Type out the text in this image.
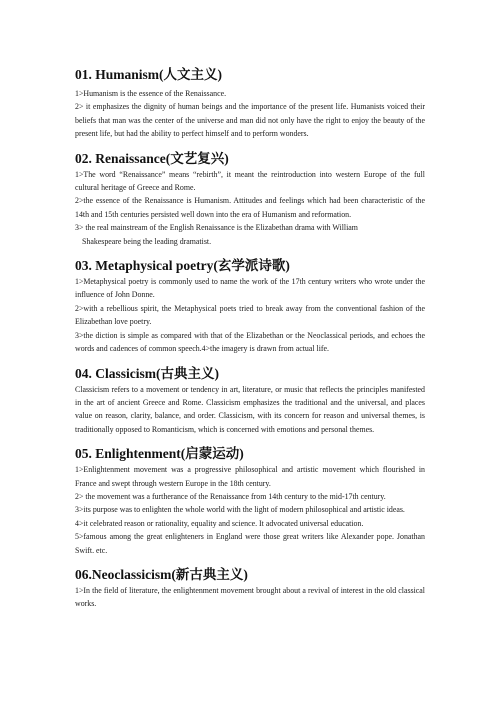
01. Humanism(人文主义)

1>Humanism is the essence of the Renaissance.

2> it emphasizes the dignity of human beings and the importance of the present life. Humanists voiced their beliefs that man was the center of the universe and man did not only have the right to enjoy the beauty of the present life, but had the ability to perfect himself and to perform wonders.

02. Renaissance(文艺复兴)

1>The word “Renaissance” means “rebirth”, it meant the reintroduction into western Europe of the full cultural heritage of Greece and Rome.

2>the essence of the Renaissance is Humanism. Attitudes and feelings which had been characteristic of the 14th and 15th centuries persisted well down into the era of Humanism and reformation.

3> the real mainstream of the English Renaissance is the Elizabethan drama with William

Shakespeare being the leading dramatist.

03. Metaphysical poetry(玄学派诗歌)

1>Metaphysical poetry is commonly used to name the work of the 17th century writers who wrote under the influence of John Donne.

2>with a rebellious spirit, the Metaphysical poets tried to break away from the conventional fashion of the Elizabethan love poetry.

3>the diction is simple as compared with that of the Elizabethan or the Neoclassical periods, and echoes the words and cadences of common speech.4>the imagery is drawn from actual life.

04. Classicism(古典主义)

Classicism refers to a movement or tendency in art, literature, or music that reflects the principles manifested in the art of ancient Greece and Rome. Classicism emphasizes the traditional and the universal, and places value on reason, clarity, balance, and order. Classicism, with its concern for reason and universal themes, is traditionally opposed to Romanticism, which is concerned with emotions and personal themes.

05. Enlightenment(启蒙运动)

1>Enlightenment movement was a progressive philosophical and artistic movement which flourished in France and swept through western Europe in the 18th century.

2> the movement was a furtherance of the Renaissance from 14th century to the mid-17th century.

3>its purpose was to enlighten the whole world with the light of modern philosophical and artistic ideas.

4>it celebrated reason or rationality, equality and science. It advocated universal education.

5>famous among the great enlighteners in England were those great writers like Alexander pope. Jonathan Swift. etc.

06.Neoclassicism(新古典主义)

1>In the field of literature, the enlightenment movement brought about a revival of interest in the old classical works.
